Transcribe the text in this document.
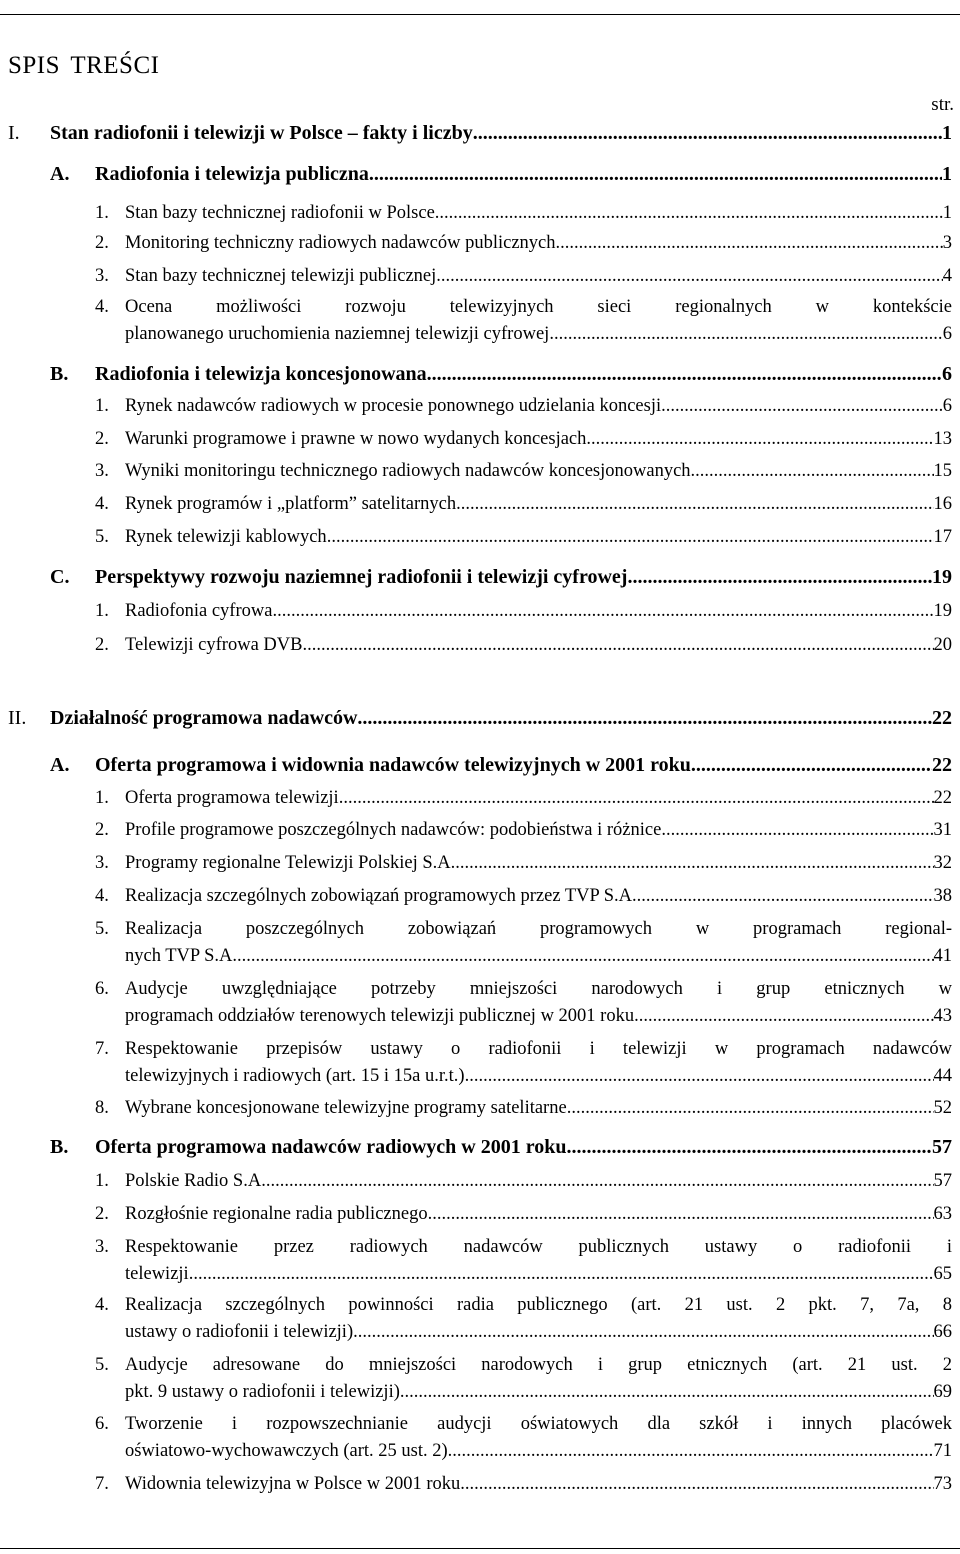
SPIS TREŚCI
str.
I.	Stan radiofonii i telewizji w Polsce – fakty i liczby .....	1
A.	Radiofonia i telewizja publiczna .....	1
1. Stan bazy technicznej radiofonii w Polsce .....	1
2. Monitoring techniczny radiowych nadawców publicznych .....	3
3. Stan bazy technicznej telewizji publicznej .....	4
4. Ocena możliwości rozwoju telewizyjnych sieci regionalnych w kontekście
planowanego uruchomienia naziemnej telewizji cyfrowej .....	6
B.	Radiofonia i telewizja koncesjonowana .....	6
1. Rynek nadawców radiowych w procesie ponownego udzielania koncesji .....	6
2. Warunki programowe i prawne w nowo wydanych koncesjach .....	13
3. Wyniki monitoringu technicznego radiowych nadawców koncesjonowanych .....	15
4. Rynek programów i „platform” satelitarnych .....	16
5. Rynek telewizji kablowych .....	17
C.	Perspektywy rozwoju naziemnej radiofonii i telewizji cyfrowej .....	19
1. Radiofonia cyfrowa .....	19
2. Telewizji cyfrowa DVB .....	20
II.	Działalność programowa nadawców .....	22
A.	Oferta programowa i widownia nadawców telewizyjnych w 2001 roku .....	22
1. Oferta programowa telewizji .....	22
2. Profile programowe poszczególnych nadawców: podobieństwa i różnice .....	31
3. Programy regionalne Telewizji Polskiej S.A. .....	32
4. Realizacja szczególnych zobowiązań programowych przez TVP S.A. .....	38
5. Realizacja poszczególnych zobowiązań programowych w programach regional-
nych TVP S.A. .....	41
6. Audycje uwzględniające potrzeby mniejszości narodowych i grup etnicznych w
programach oddziałów terenowych telewizji publicznej w 2001 roku .....	43
7. Respektowanie przepisów ustawy o radiofonii i telewizji w programach nadawców
telewizyjnych i radiowych (art. 15 i 15a u.r.t.). .....	44
8. Wybrane koncesjonowane telewizyjne programy satelitarne .....	52
B.	Oferta programowa nadawców radiowych w 2001 roku .....	57
1. Polskie Radio S.A. .....	57
2. Rozgłośnie regionalne radia publicznego .....	63
3. Respektowanie przez radiowych nadawców publicznych ustawy o radiofonii i
telewizji .....	65
4. Realizacja szczególnych powinności radia publicznego (art. 21 ust. 2 pkt. 7, 7a, 8
ustawy o radiofonii i telewizji) .....	66
5. Audycje adresowane do mniejszości narodowych i grup etnicznych (art. 21 ust. 2
pkt. 9 ustawy o radiofonii i telewizji) .....	69
6. Tworzenie i rozpowszechnianie audycji oświatowych dla szkół i innych placówek
oświatowo-wychowawczych (art. 25 ust. 2). .....	71
7. Widownia telewizyjna w Polsce w 2001 roku .....	73
